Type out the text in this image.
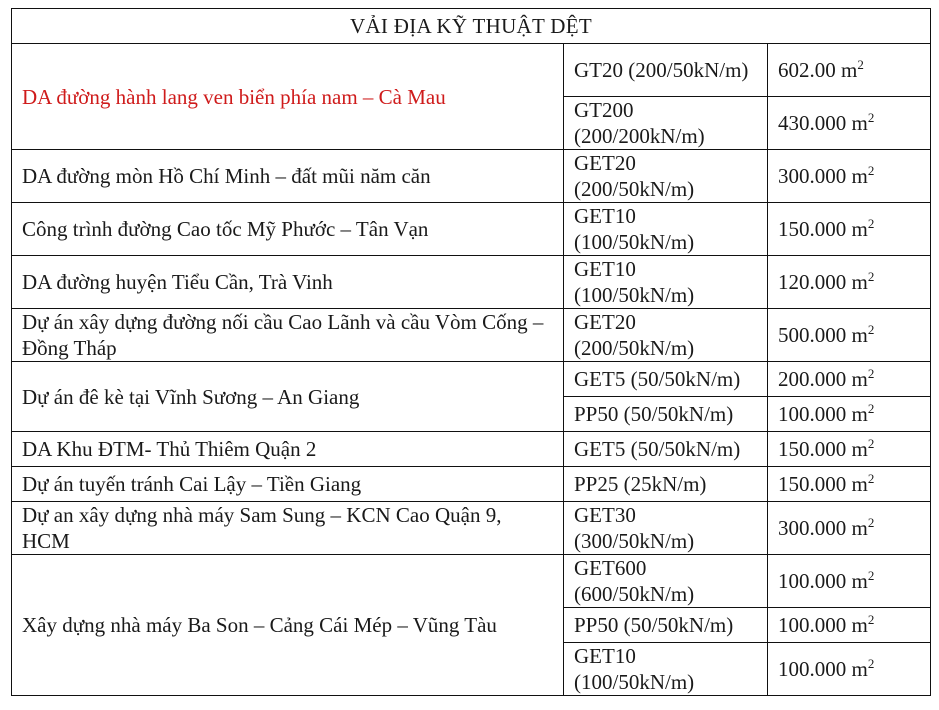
VẢI ĐỊA KỸ THUẬT DỆT		
DA đường hành lang ven biển phía nam – Cà Mau	GT20 (200/50kN/m)	602.00 $m^2$
	GT200 (200/200kN/m)	430.000 $m^2$
DA đường mòn Hồ Chí Minh – đất mũi năm căn	GET20 (200/50kN/m)	300.000 $m^2$
Công trình đường Cao tốc Mỹ Phước – Tân Vạn	GET10 (100/50kN/m)	150.000 $m^2$
DA đường huyện Tiểu Cần, Trà Vinh	GET10 (100/50kN/m)	120.000 $m^2$
Dự án xây dựng đường nối cầu Cao Lãnh và cầu Vòm Cống – Đồng Tháp	GET20 (200/50kN/m)	500.000 $m^2$
Dự án đê kè tại Vĩnh Sương – An Giang	GET5 (50/50kN/m)	200.000 $m^2$
	PP50 (50/50kN/m)	100.000 $m^2$
DA Khu ĐTM- Thủ Thiêm Quận 2	GET5 (50/50kN/m)	150.000 $m^2$
Dự án tuyến tránh Cai Lậy – Tiền Giang	PP25 (25kN/m)	150.000 $m^2$
Dự an xây dựng nhà máy Sam Sung – KCN Cao Quận 9, HCM	GET30 (300/50kN/m)	300.000 $m^2$
Xây dựng nhà máy Ba Son – Cảng Cái Mép – Vũng Tàu	GET600 (600/50kN/m)	100.000 $m^2$
	PP50 (50/50kN/m)	100.000 $m^2$
	GET10 (100/50kN/m)	100.000 $m^2$
